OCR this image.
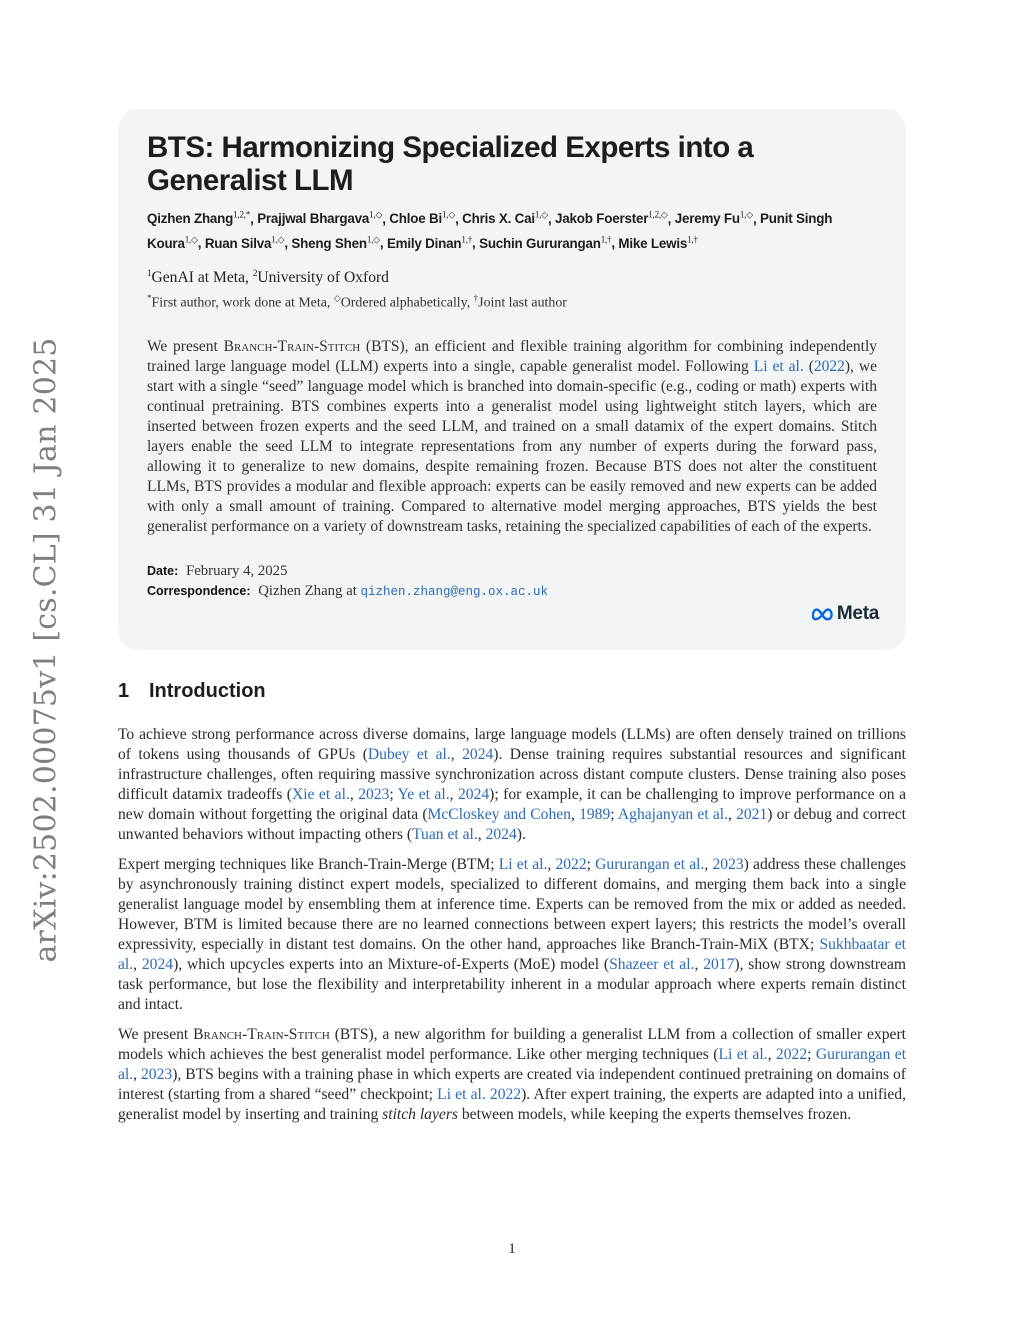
arXiv:2502.00075v1 [cs.CL] 31 Jan 2025
BTS: Harmonizing Specialized Experts into a
Generalist LLM
Qizhen Zhang$^{1,2,*}$, Prajjwal Bhargava$^{1,◇}$, Chloe $Bi^{1,◇}$, Chris X. Cai$^{1,◇}$, Jakob Foerster$^{1,2,◇}$, Jeremy $Fu^{1,◇}$, Punit Singh Koura$^{1,◇}$, Ruan Silva$^{1,◇}$, Sheng Shen$^{1,◇}$, Emily Dinan$^{1,\dagger}$, Suchin Gururangan$^{1,\dagger}$, Mike Lewis$^{1,\dagger}$
$^1$GenAI at Meta, $^2$University of Oxford
*First author, work done at Meta, ◇Ordered alphabetically, †Joint last author
We present Branch-Train-Stitch (BTS), an efficient and flexible training algorithm for combining independently trained large language model (LLM) experts into a single, capable generalist model. Following Li et al. (2022), we start with a single “seed” language model which is branched into domain-specific (e.g., coding or math) experts with continual pretraining. BTS combines experts into a generalist model using lightweight stitch layers, which are inserted between frozen experts and the seed LLM, and trained on a small datamix of the expert domains. Stitch layers enable the seed LLM to integrate representations from any number of experts during the forward pass, allowing it to generalize to new domains, despite remaining frozen. Because BTS does not alter the constituent LLMs, BTS provides a modular and flexible approach: experts can be easily removed and new experts can be added with only a small amount of training. Compared to alternative model merging approaches, BTS yields the best generalist performance on a variety of downstream tasks, retaining the specialized capabilities of each of the experts.
Date: February 4, 2025
Correspondence: Qizhen Zhang at qizhen.zhang@eng.ox.ac.uk
Meta
1 Introduction

To achieve strong performance across diverse domains, large language models (LLMs) are often densely trained on trillions of tokens using thousands of GPUs (Dubey et al., 2024). Dense training requires substantial resources and significant infrastructure challenges, often requiring massive synchronization across distant compute clusters. Dense training also poses difficult datamix tradeoffs (Xie et al., 2023; Ye et al., 2024); for example, it can be challenging to improve performance on a new domain without forgetting the original data (McCloskey and Cohen, 1989; Aghajanyan et al., 2021) or debug and correct unwanted behaviors without impacting others (Tuan et al., 2024).

Expert merging techniques like Branch-Train-Merge (BTM; Li et al., 2022; Gururangan et al., 2023) address these challenges by asynchronously training distinct expert models, specialized to different domains, and merging them back into a single generalist language model by ensembling them at inference time. Experts can be removed from the mix or added as needed. However, BTM is limited because there are no learned connections between expert layers; this restricts the model’s overall expressivity, especially in distant test domains. On the other hand, approaches like Branch-Train-MiX (BTX; Sukhbaatar et al., 2024), which upcycles experts into an Mixture-of-Experts (MoE) model (Shazeer et al., 2017), show strong downstream task performance, but lose the flexibility and interpretability inherent in a modular approach where experts remain distinct and intact.

We present Branch-Train-Stitch (BTS), a new algorithm for building a generalist LLM from a collection of smaller expert models which achieves the best generalist model performance. Like other merging techniques (Li et al., 2022; Gururangan et al., 2023), BTS begins with a training phase in which experts are created via independent continued pretraining on domains of interest (starting from a shared “seed” checkpoint; Li et al. 2022). After expert training, the experts are adapted into a unified, generalist model by inserting and training stitch layers between models, while keeping the experts themselves frozen.

1
